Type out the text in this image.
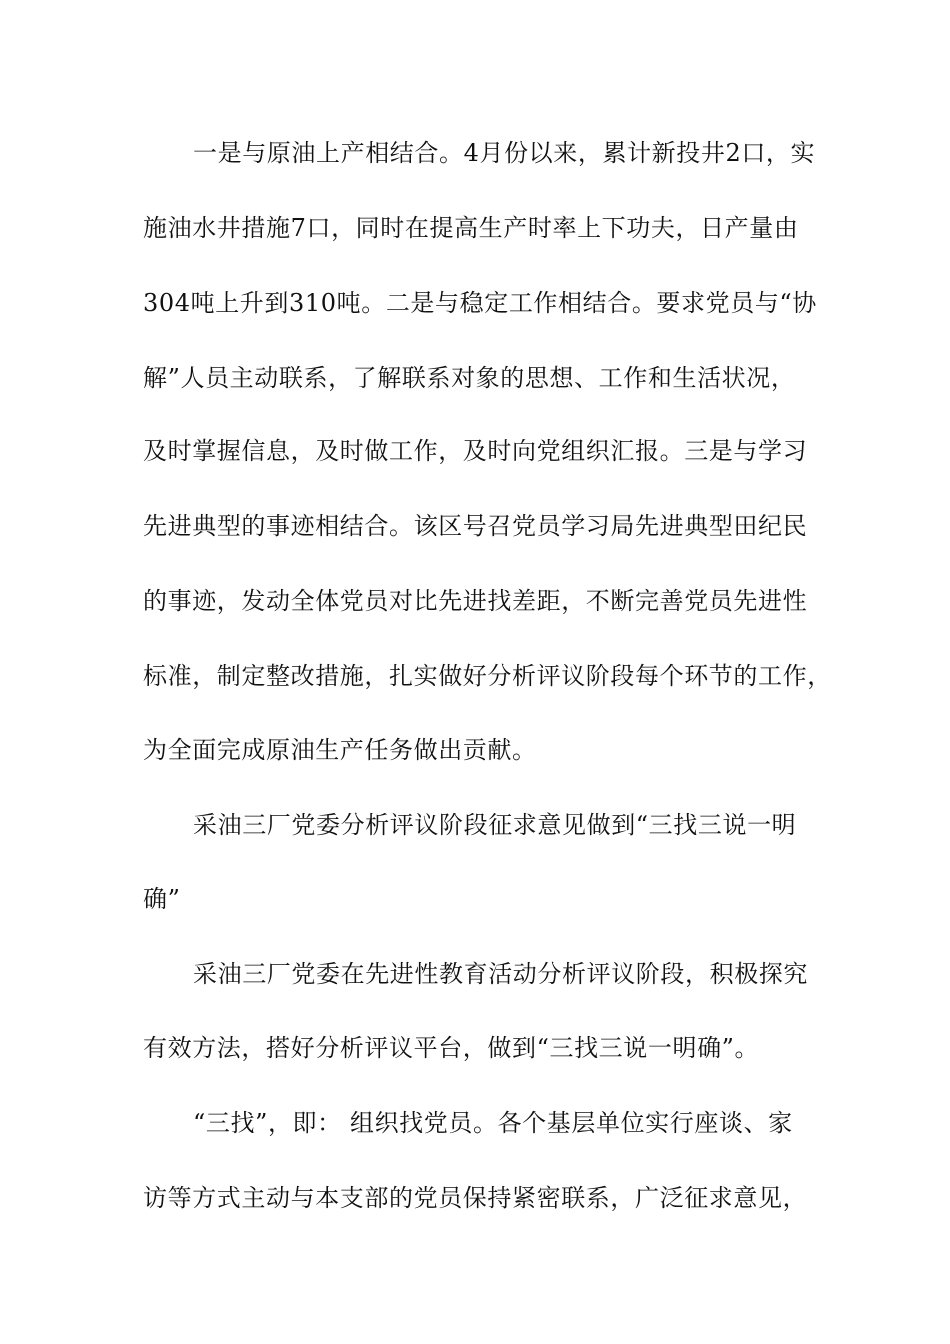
一是与原油上产相结合。4月份以来，累计新投井2口，实
施油水井措施7口，同时在提高生产时率上下功夫，日产量由
304吨上升到310吨。二是与稳定工作相结合。要求党员与“协
解”人员主动联系，了解联系对象的思想、工作和生活状况，
及时掌握信息，及时做工作，及时向党组织汇报。三是与学习
先进典型的事迹相结合。该区号召党员学习局先进典型田纪民
的事迹，发动全体党员对比先进找差距，不断完善党员先进性
标准，制定整改措施，扎实做好分析评议阶段每个环节的工作，
为全面完成原油生产任务做出贡献。
采油三厂党委分析评议阶段征求意见做到“三找三说一明
确”
采油三厂党委在先进性教育活动分析评议阶段，积极探究
有效方法，搭好分析评议平台，做到“三找三说一明确”。
“三找”，即： 组织找党员。各个基层单位实行座谈、家
访等方式主动与本支部的党员保持紧密联系，广泛征求意见，
